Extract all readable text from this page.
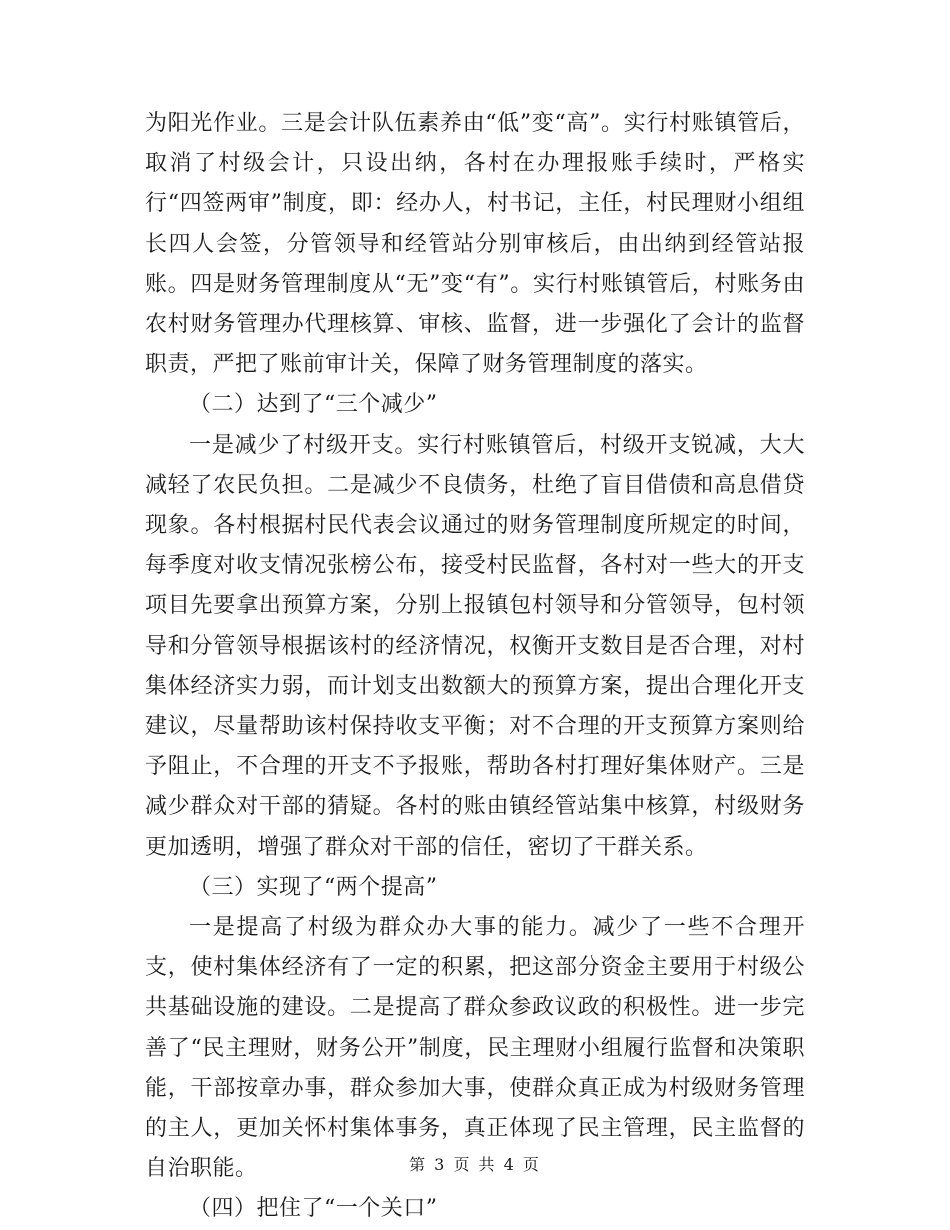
为阳光作业。三是会计队伍素养由“低”变“高”。实行村账镇管后，取消了村级会计，只设出纳，各村在办理报账手续时，严格实行“四签两审”制度，即：经办人，村书记，主任，村民理财小组组长四人会签，分管领导和经管站分别审核后，由出纳到经管站报账。四是财务管理制度从“无”变“有”。实行村账镇管后，村账务由农村财务管理办代理核算、审核、监督，进一步强化了会计的监督职责，严把了账前审计关，保障了财务管理制度的落实。

（二）达到了“三个减少”

一是减少了村级开支。实行村账镇管后，村级开支锐减，大大减轻了农民负担。二是减少不良债务，杜绝了盲目借债和高息借贷现象。各村根据村民代表会议通过的财务管理制度所规定的时间，每季度对收支情况张榜公布，接受村民监督，各村对一些大的开支项目先要拿出预算方案，分别上报镇包村领导和分管领导，包村领导和分管领导根据该村的经济情况，权衡开支数目是否合理，对村集体经济实力弱，而计划支出数额大的预算方案，提出合理化开支建议，尽量帮助该村保持收支平衡；对不合理的开支预算方案则给予阻止，不合理的开支不予报账，帮助各村打理好集体财产。三是减少群众对干部的猜疑。各村的账由镇经管站集中核算，村级财务更加透明，增强了群众对干部的信任，密切了干群关系。

（三）实现了“两个提高”

一是提高了村级为群众办大事的能力。减少了一些不合理开支，使村集体经济有了一定的积累，把这部分资金主要用于村级公共基础设施的建设。二是提高了群众参政议政的积极性。进一步完善了“民主理财，财务公开”制度，民主理财小组履行监督和决策职能，干部按章办事，群众参加大事，使群众真正成为村级财务管理的主人，更加关怀村集体事务，真正体现了民主管理，民主监督的自治职能。

（四）把住了“一个关口”

第 3 页 共 4 页
